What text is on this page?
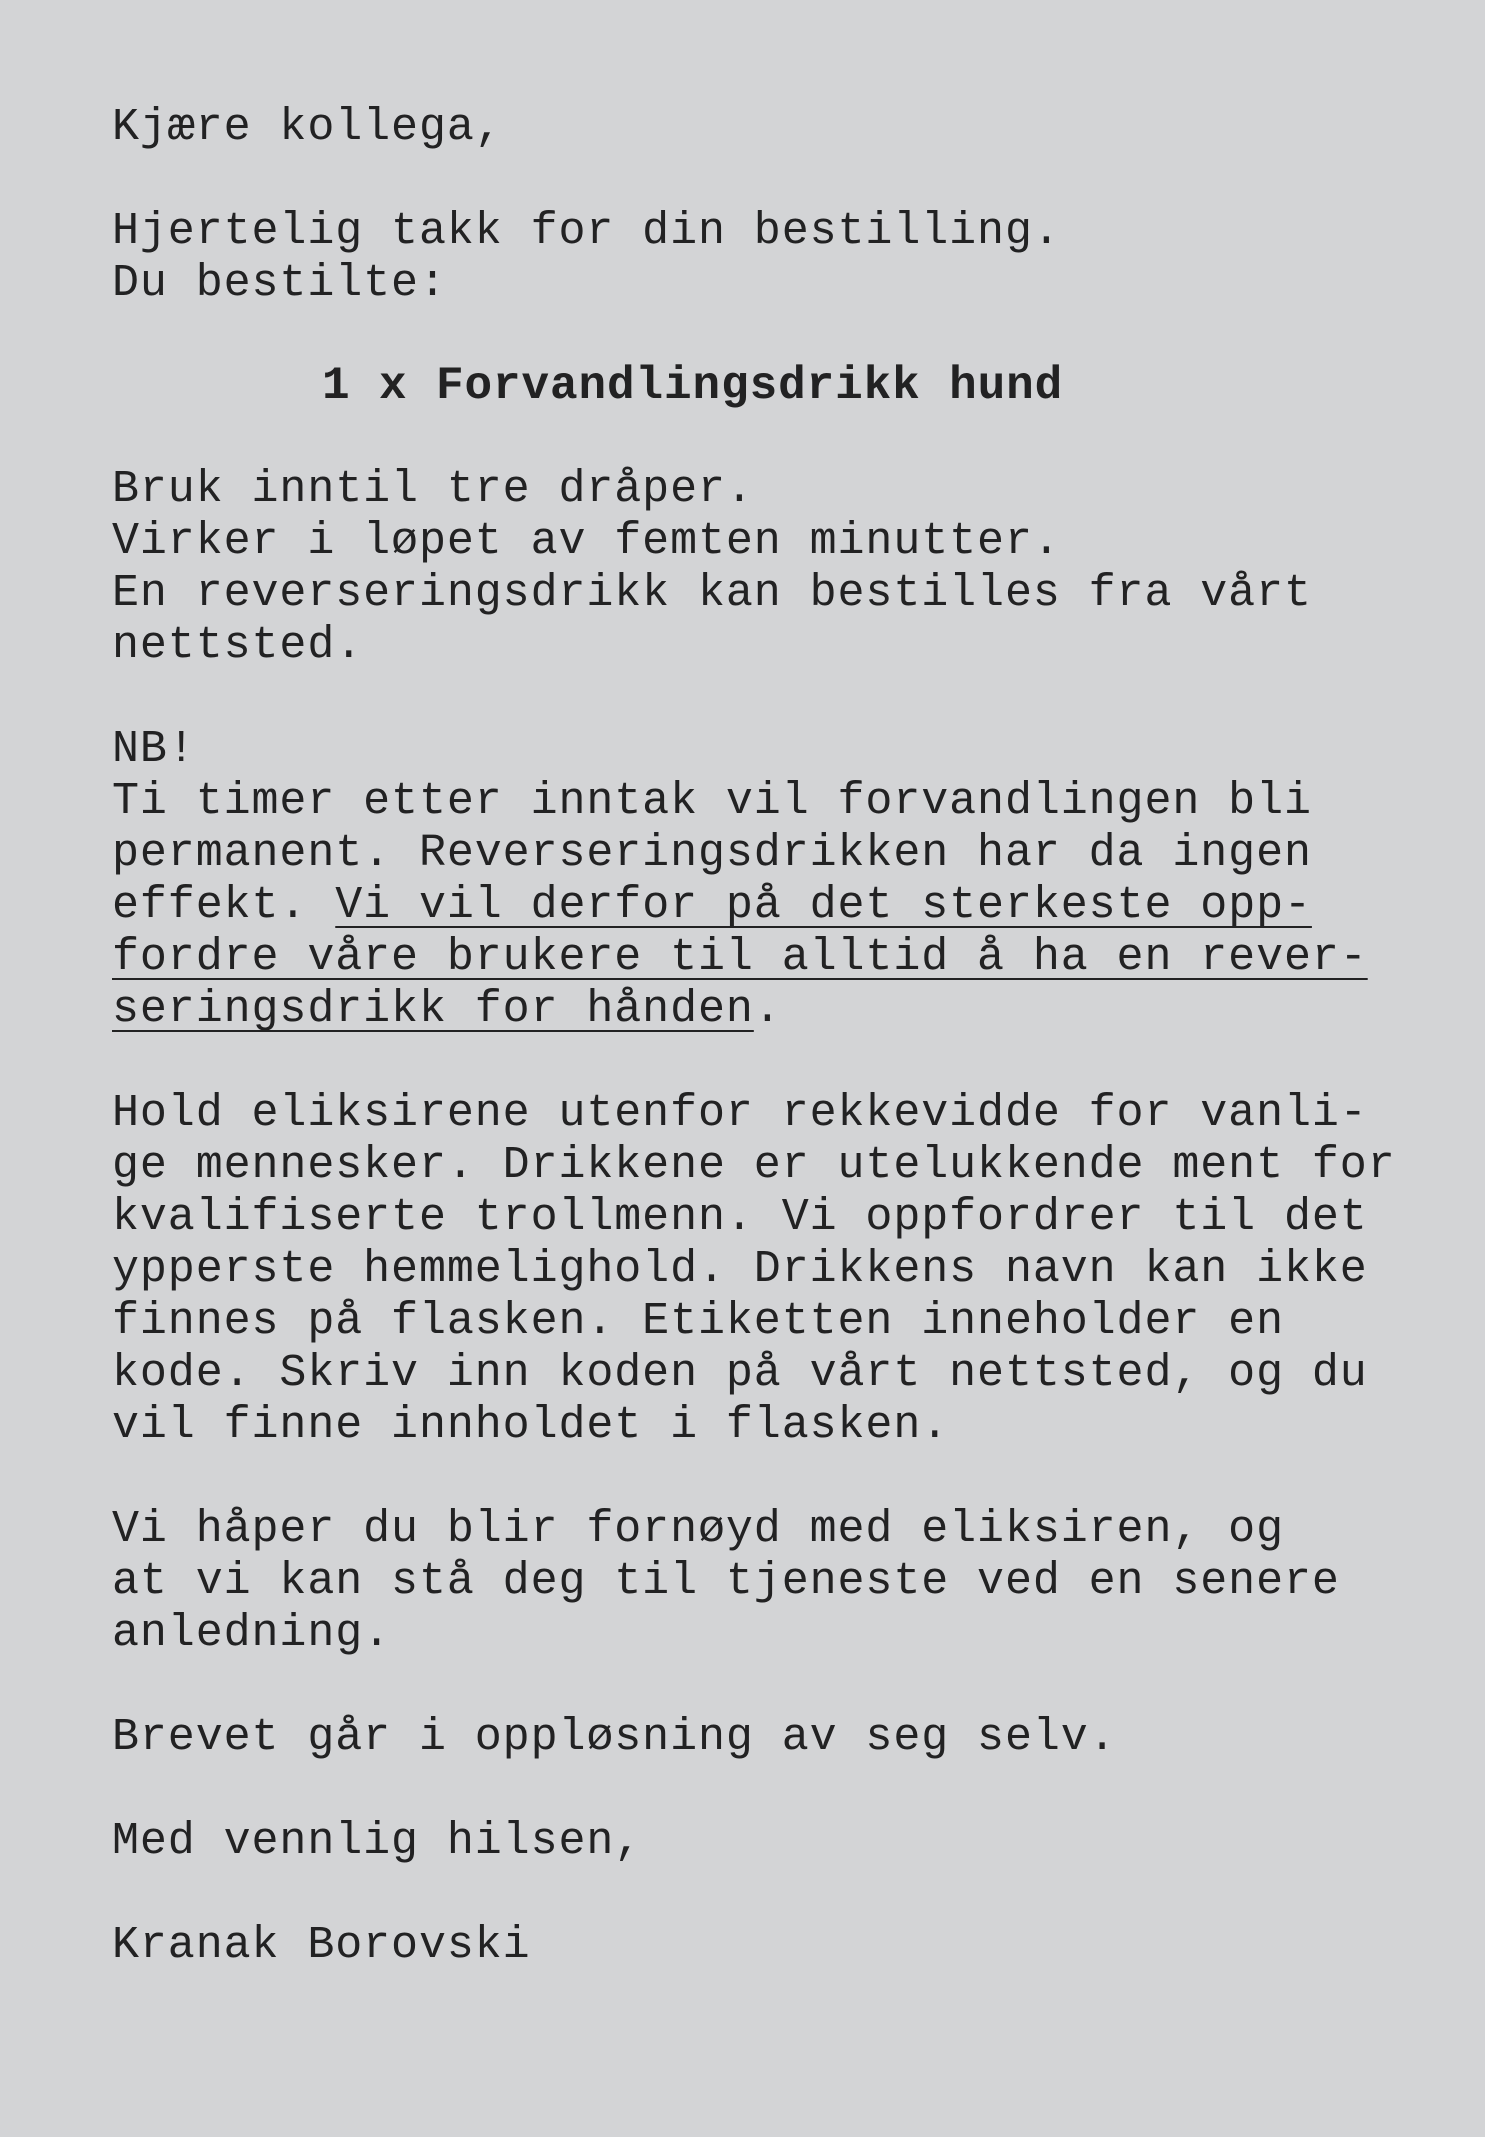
Kjære kollega,
Hjertelig takk for din bestilling.
Du bestilte:
1 x Forvandlingsdrikk hund
Bruk inntil tre dråper.
Virker i løpet av femten minutter.
En reverseringsdrikk kan bestilles fra vårt
nettsted.
NB!
Ti timer etter inntak vil forvandlingen bli
permanent. Reverseringsdrikken har da ingen
effekt. Vi vil derfor på det sterkeste opp-
fordre våre brukere til alltid å ha en rever-
seringsdrikk for hånden.
Hold eliksirene utenfor rekkevidde for vanli-
ge mennesker. Drikkene er utelukkende ment for
kvalifiserte trollmenn. Vi oppfordrer til det
ypperste hemmelighold. Drikkens navn kan ikke
finnes på flasken. Etiketten inneholder en
kode. Skriv inn koden på vårt nettsted, og du
vil finne innholdet i flasken.
Vi håper du blir fornøyd med eliksiren, og
at vi kan stå deg til tjeneste ved en senere
anledning.
Brevet går i oppløsning av seg selv.
Med vennlig hilsen,
Kranak Borovski
